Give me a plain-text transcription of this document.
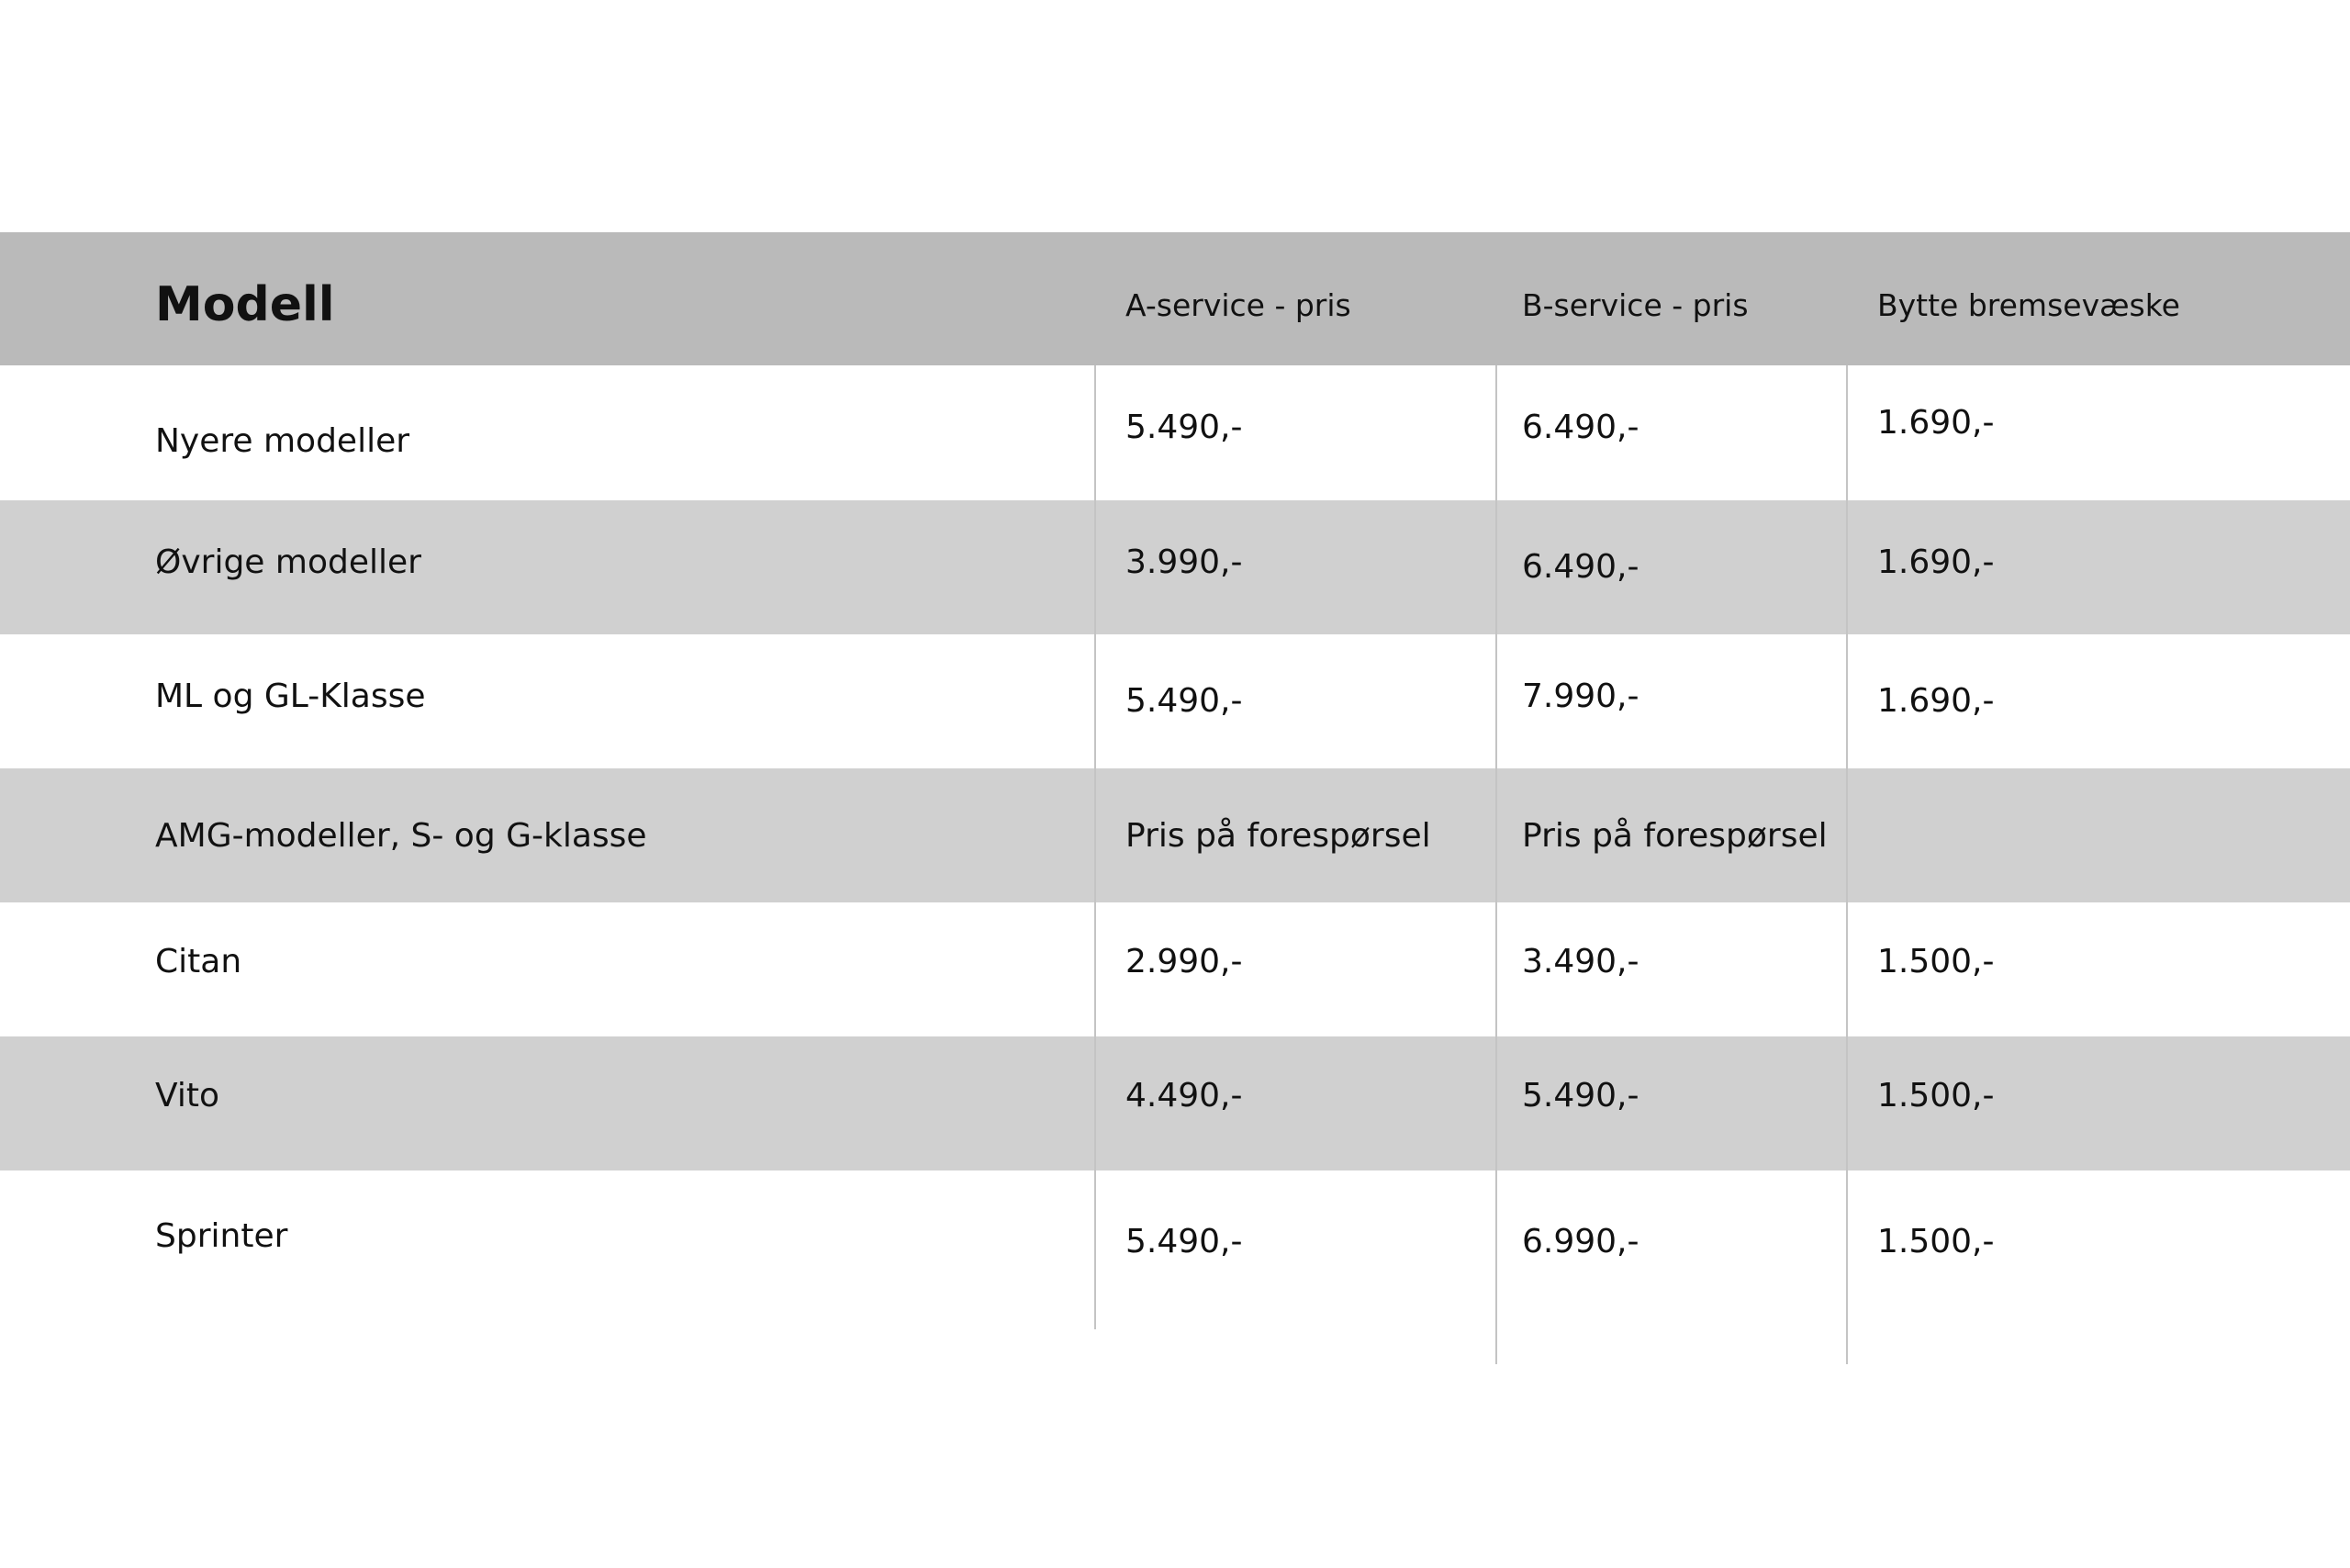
Modell	A-service - pris	B-service - pris	Bytte bremsevæske
Nyere modeller	5.490,-	6.490,-	1.690,-
Øvrige modeller	3.990,-	6.490,-	1.690,-
ML og GL-Klasse	5.490,-	7.990,-	1.690,-
AMG-modeller, S- og G-klasse	Pris på forespørsel	Pris på forespørsel
Citan	2.990,-	3.490,-	1.500,-
Vito	4.490,-	5.490,-	1.500,-
Sprinter	5.490,-	6.990,-	1.500,-
